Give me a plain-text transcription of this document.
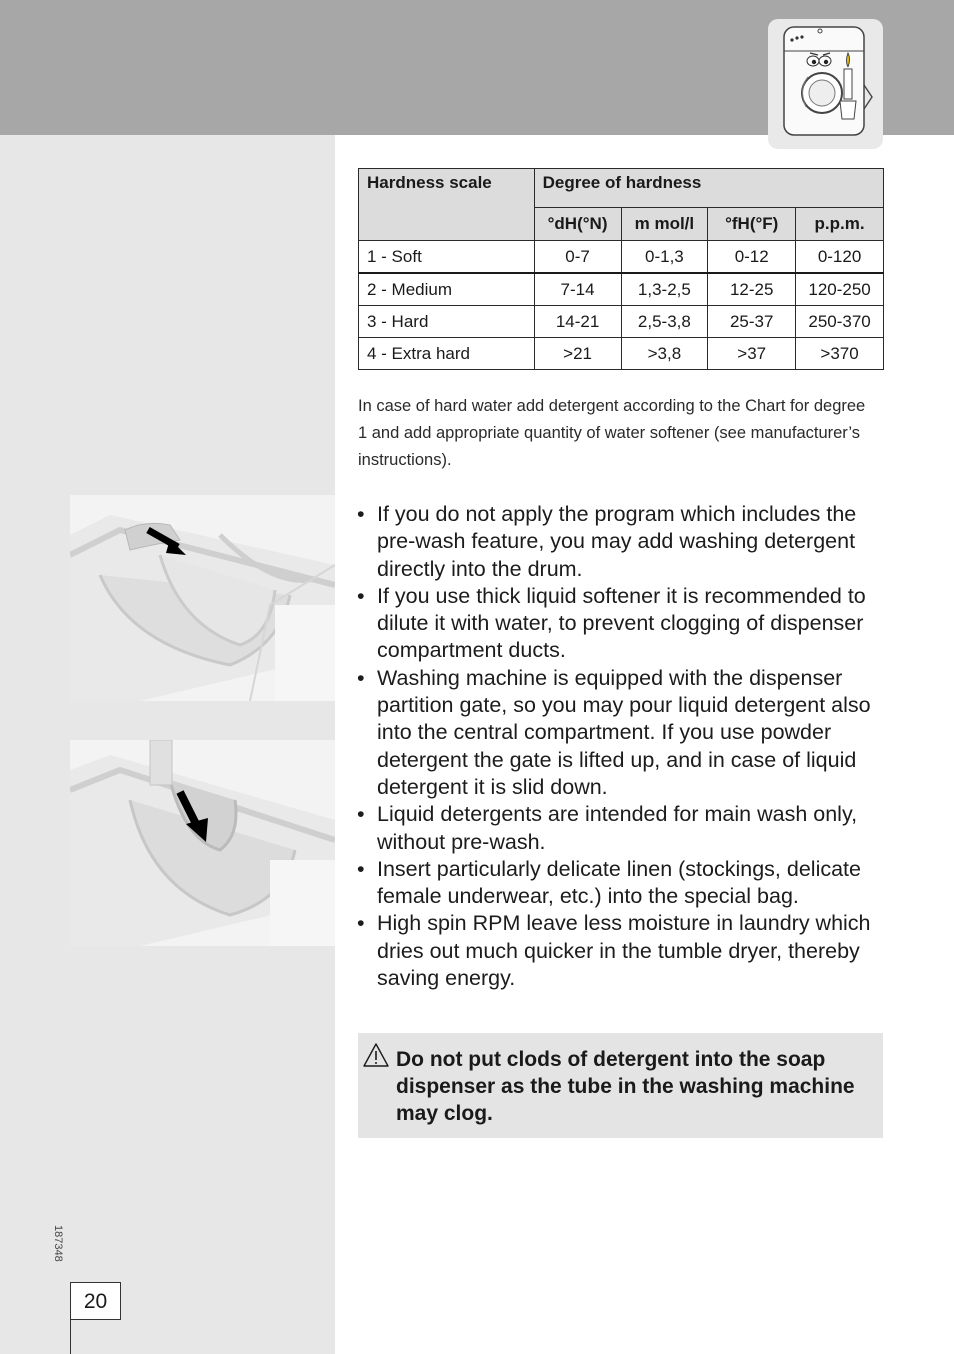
Hardness scale	Degree of hardness			
	°dH(°N)	m mol/l	°fH(°F)	p.p.m.
1 - Soft	0-7	0-1,3	0-12	0-120
2 - Medium	7-14	1,3-2,5	12-25	120-250
3 - Hard	14-21	2,5-3,8	25-37	250-370
4 - Extra hard	>21	>3,8	>37	>370

In case of hard water add detergent according to the Chart for degree 1 and add appropriate quantity of water softener (see manufacturer’s instructions).

• If you do not apply the program which includes the pre-wash feature, you may add washing detergent directly into the drum.
• If you use thick liquid softener it is recommended to dilute it with water, to prevent clogging of dispenser compartment ducts.
• Washing machine is equipped with the dispenser partition gate, so you may pour liquid detergent also into the central compartment. If you use powder detergent the gate is lifted up, and in case of liquid detergent it is slid down.
• Liquid detergents are intended for main wash only, without pre-wash.
• Insert particularly delicate linen (stockings, delicate female underwear, etc.) into the special bag.
• High spin RPM leave less moisture in laundry which dries out much quicker in the tumble dryer, thereby saving energy.

Do not put clods of detergent into the soap dispenser as the tube in the washing machine may clog.

187348
20
